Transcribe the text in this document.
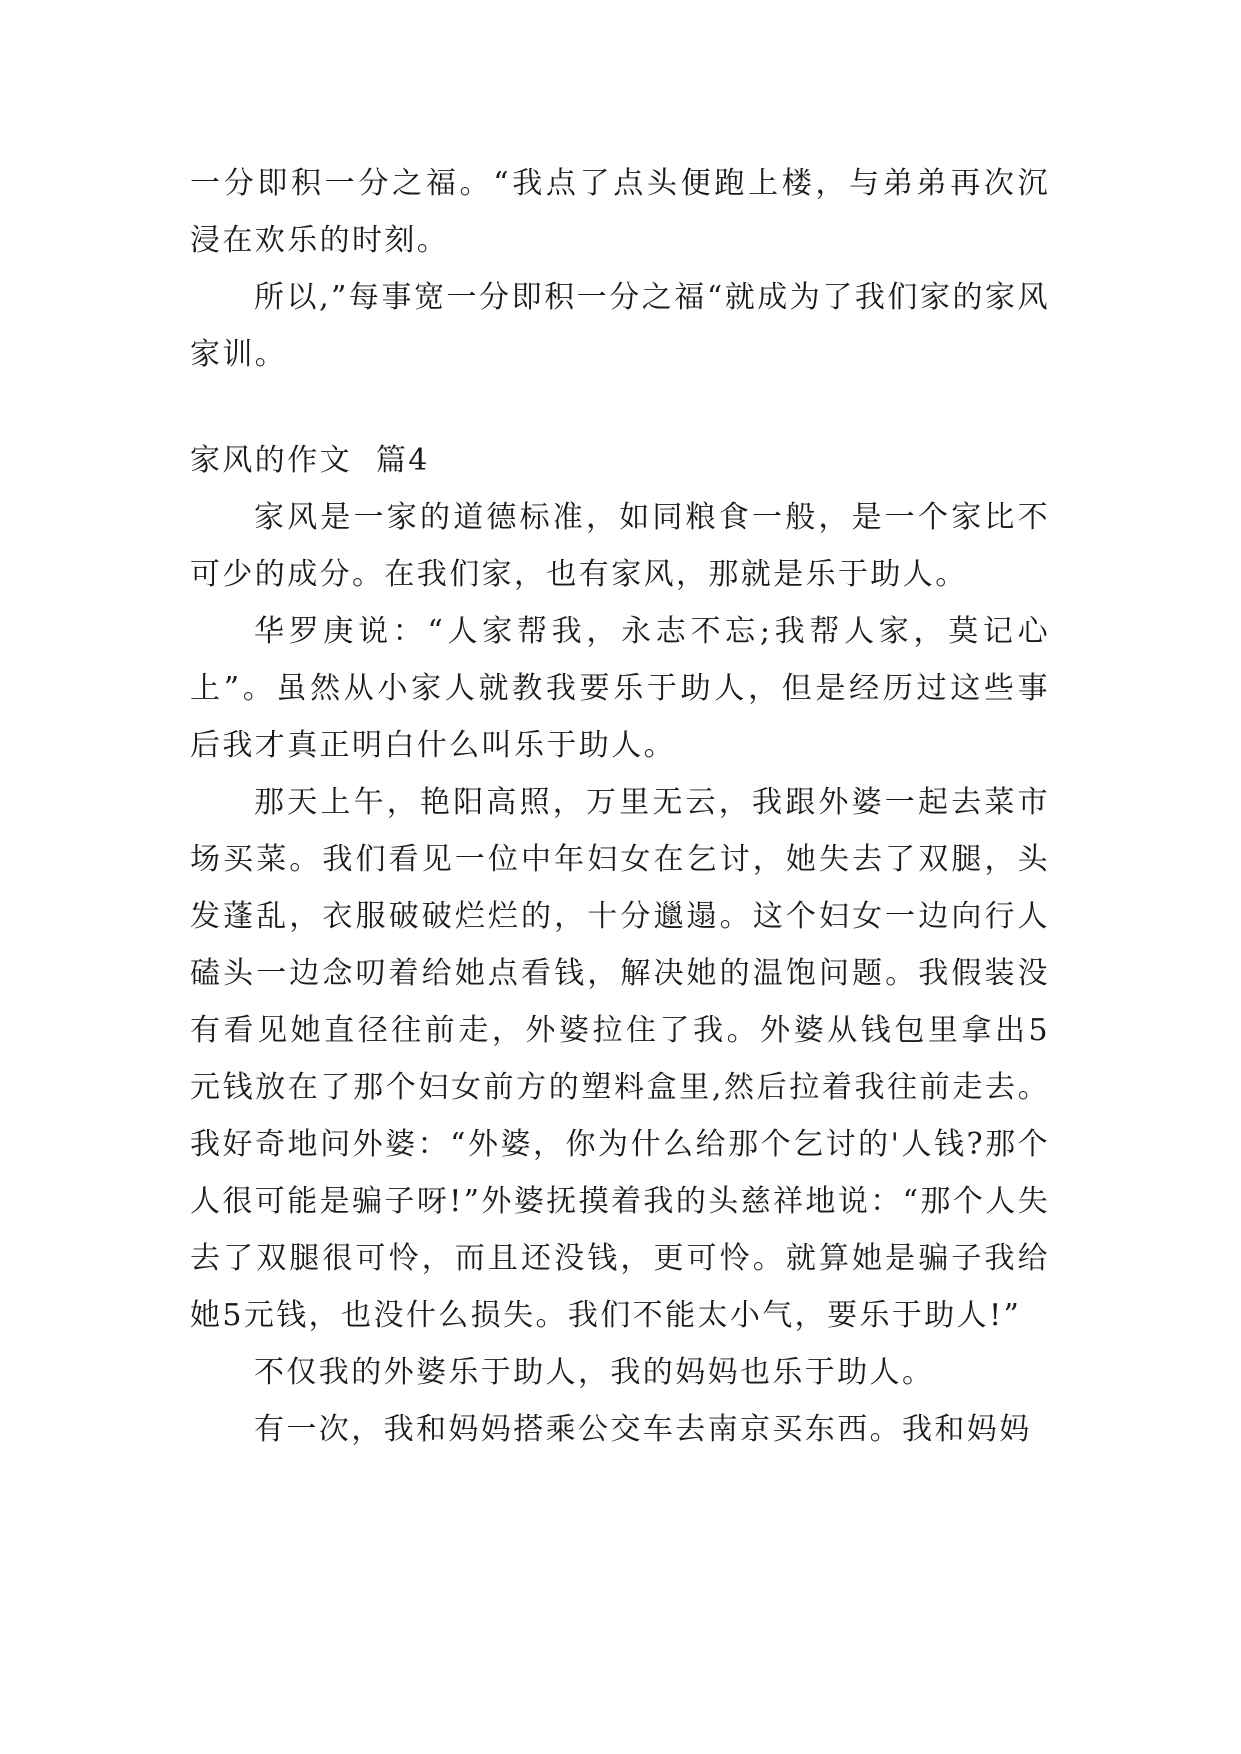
一分即积一分之福。“我点了点头便跑上楼，与弟弟再次沉浸在欢乐的时刻。

所以,”每事宽一分即积一分之福“就成为了我们家的家风家训。

家风的作文  篇4

家风是一家的道德标准，如同粮食一般，是一个家比不可少的成分。在我们家，也有家风，那就是乐于助人。

华罗庚说：“人家帮我，永志不忘;我帮人家，莫记心上”。虽然从小家人就教我要乐于助人，但是经历过这些事后我才真正明白什么叫乐于助人。

那天上午，艳阳高照，万里无云，我跟外婆一起去菜市场买菜。我们看见一位中年妇女在乞讨，她失去了双腿，头发蓬乱，衣服破破烂烂的，十分邋遢。这个妇女一边向行人磕头一边念叨着给她点看钱，解决她的温饱问题。我假装没有看见她直径往前走，外婆拉住了我。外婆从钱包里拿出5元钱放在了那个妇女前方的塑料盒里,然后拉着我往前走去。我好奇地问外婆：“外婆，你为什么给那个乞讨的'人钱?那个人很可能是骗子呀!”外婆抚摸着我的头慈祥地说：“那个人失去了双腿很可怜，而且还没钱，更可怜。就算她是骗子我给她5元钱，也没什么损失。我们不能太小气，要乐于助人!”

不仅我的外婆乐于助人，我的妈妈也乐于助人。

有一次，我和妈妈搭乘公交车去南京买东西。我和妈妈
